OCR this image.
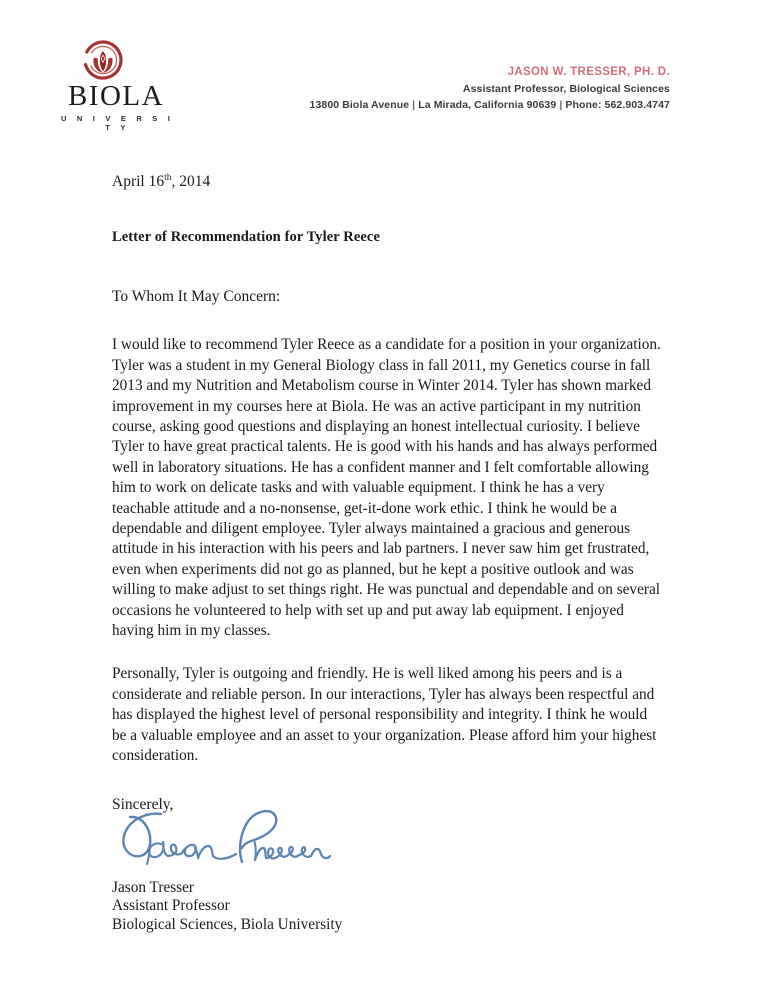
BIOLA
U N I V E R S I T Y
JASON W. TRESSER, PH. D.
Assistant Professor, Biological Sciences
13800 Biola Avenue | La Mirada, California 90639 | Phone: 562.903.4747
April 16th, 2014
Letter of Recommendation for Tyler Reece
To Whom It May Concern:

I would like to recommend Tyler Reece as a candidate for a position in your organization. Tyler was a student in my General Biology class in fall 2011, my Genetics course in fall 2013 and my Nutrition and Metabolism course in Winter 2014. Tyler has shown marked improvement in my courses here at Biola. He was an active participant in my nutrition course, asking good questions and displaying an honest intellectual curiosity. I believe Tyler to have great practical talents. He is good with his hands and has always performed well in laboratory situations. He has a confident manner and I felt comfortable allowing him to work on delicate tasks and with valuable equipment. I think he has a very teachable attitude and a no-nonsense, get-it-done work ethic. I think he would be a dependable and diligent employee. Tyler always maintained a gracious and generous attitude in his interaction with his peers and lab partners. I never saw him get frustrated, even when experiments did not go as planned, but he kept a positive outlook and was willing to make adjust to set things right. He was punctual and dependable and on several occasions he volunteered to help with set up and put away lab equipment. I enjoyed having him in my classes.

Personally, Tyler is outgoing and friendly. He is well liked among his peers and is a considerate and reliable person. In our interactions, Tyler has always been respectful and has displayed the highest level of personal responsibility and integrity. I think he would be a valuable employee and an asset to your organization. Please afford him your highest consideration.

Sincerely,
Jason Tresser
Assistant Professor
Biological Sciences, Biola University
